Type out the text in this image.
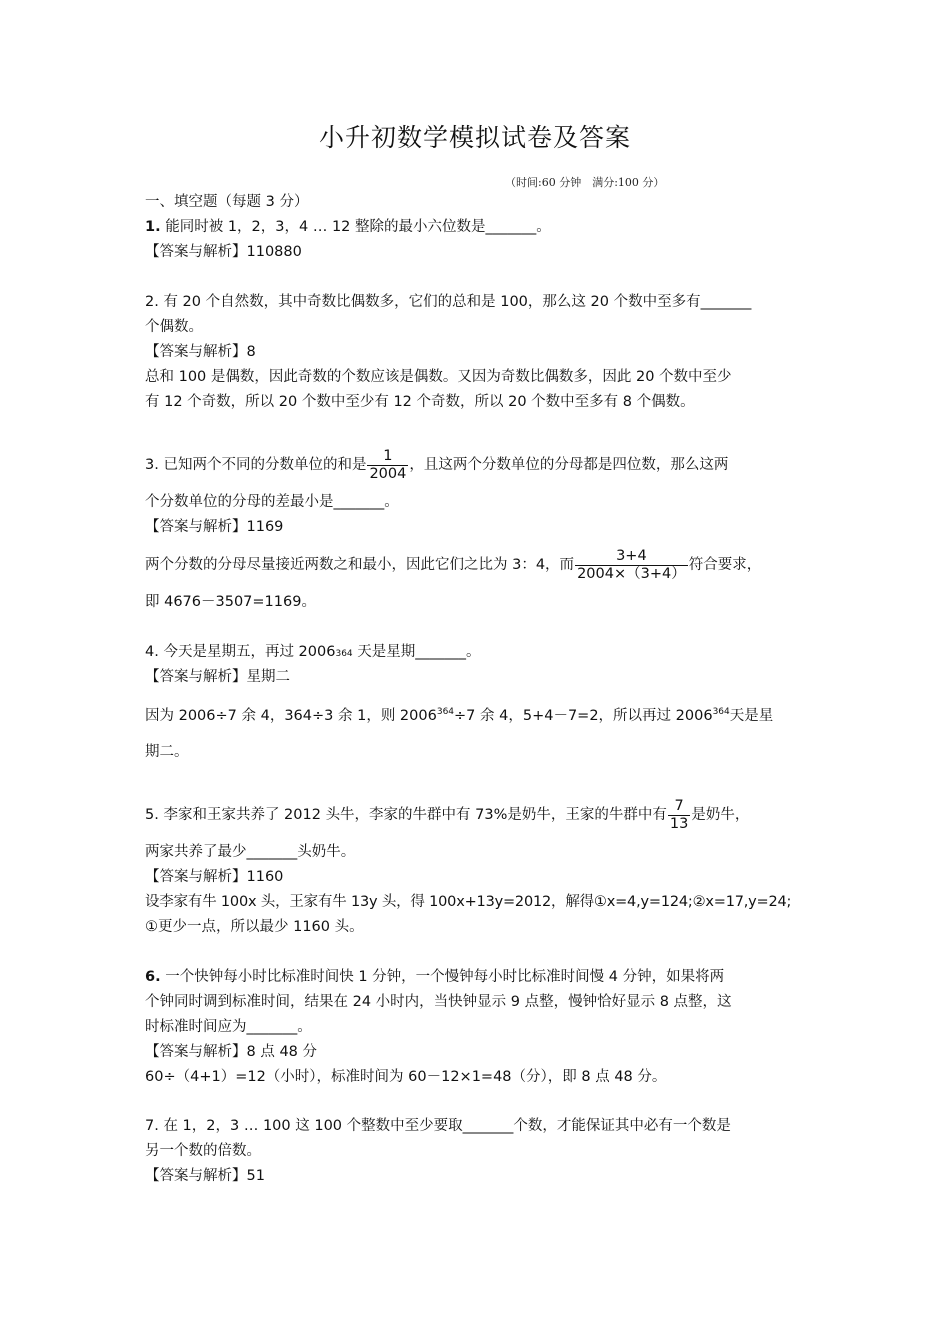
小升初数学模拟试卷及答案
（时间:60 分钟　满分:100 分）
一、填空题（每题 3 分）
1. 能同时被 1，2，3，4 … 12 整除的最小六位数是_______。
【答案与解析】110880
2. 有 20 个自然数，其中奇数比偶数多，它们的总和是 100，那么这 20 个数中至多有_______
个偶数。
【答案与解析】8
总和 100 是偶数，因此奇数的个数应该是偶数。又因为奇数比偶数多，因此 20 个数中至少
有 12 个奇数，所以 20 个数中至少有 12 个奇数，所以 20 个数中至多有 8 个偶数。
3. 已知两个不同的分数单位的和是 $\frac{1}{2004}$ ，且这两个分数单位的分母都是四位数，那么这两
个分数单位的分母的差最小是_______。
【答案与解析】1169
两个分数的分母尽量接近两数之和最小，因此它们之比为 3：4，而 $\frac{3+4}{2004\times(3+4)}$ 符合要求，
即 4676－3507=1169。
4. 今天是星期五，再过 2006364 天是星期_______。
【答案与解析】星期二
因为 2006÷7 余 4，364÷3 余 1，则 $2006^{364}\div 7$ 余 4，5+4－7=2，所以再过 2006$^{364}$天是星
期二。
5. 李家和王家共养了 2012 头牛，李家的牛群中有 73%是奶牛，王家的牛群中有 $\frac{7}{13}$ 是奶牛，
两家共养了最少_______头奶牛。
【答案与解析】1160
设李家有牛 100x 头，王家有牛 13y 头，得 100x+13y=2012，解得①x=4,y=124;②x=17,y=24;
①更少一点，所以最少 1160 头。
6. 一个快钟每小时比标准时间快 1 分钟，一个慢钟每小时比标准时间慢 4 分钟，如果将两
个钟同时调到标准时间，结果在 24 小时内，当快钟显示 9 点整，慢钟恰好显示 8 点整，这
时标准时间应为_______。
【答案与解析】8 点 48 分
60÷（4+1）=12（小时），标准时间为 60－12×1=48（分），即 8 点 48 分。
7. 在 1，2，3 … 100 这 100 个整数中至少要取_______个数，才能保证其中必有一个数是
另一个数的倍数。
【答案与解析】51
